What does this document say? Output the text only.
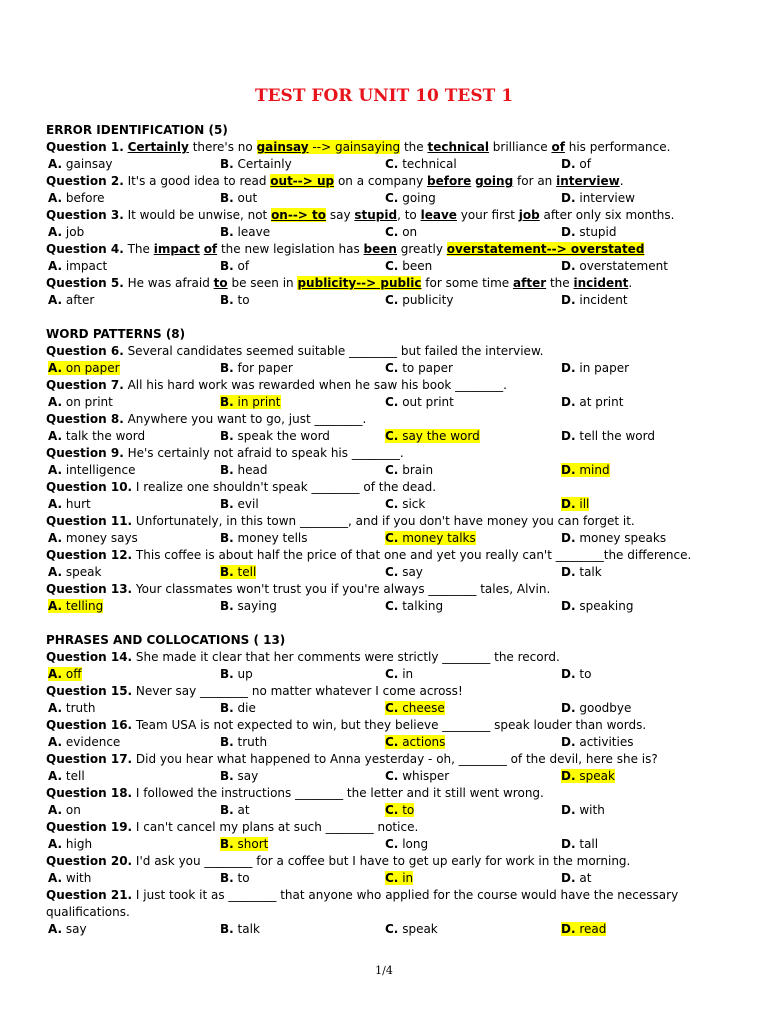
TEST FOR UNIT 10 TEST 1
ERROR IDENTIFICATION (5)
Question 1. Certainly there's no gainsay --> gainsaying the technical brilliance of his performance.
A. gainsay	B. Certainly	C. technical	D. of
Question 2. It's a good idea to read out--> up on a company before going for an interview.
A. before	B. out	C. going	D. interview
Question 3. It would be unwise, not on--> to say stupid, to leave your first job after only six months.
A. job	B. leave	C. on	D. stupid
Question 4. The impact of the new legislation has been greatly overstatement--> overstated
A. impact	B. of	C. been	D. overstatement
Question 5. He was afraid to be seen in publicity--> public for some time after the incident.
A. after	B. to	C. publicity	D. incident
WORD PATTERNS (8)
Question 6. Several candidates seemed suitable ________ but failed the interview.
A. on paper	B. for paper	C. to paper	D. in paper
Question 7. All his hard work was rewarded when he saw his book ________.
A. on print	B. in print	C. out print	D. at print
Question 8. Anywhere you want to go, just ________.
A. talk the word	B. speak the word	C. say the word	D. tell the word
Question 9. He's certainly not afraid to speak his ________.
A. intelligence	B. head	C. brain	D. mind
Question 10. I realize one shouldn't speak ________ of the dead.
A. hurt	B. evil	C. sick	D. ill
Question 11. Unfortunately, in this town ________, and if you don't have money you can forget it.
A. money says	B. money tells	C. money talks	D. money speaks
Question 12. This coffee is about half the price of that one and yet you really can't ________the difference.
A. speak	B. tell	C. say	D. talk
Question 13. Your classmates won't trust you if you're always ________ tales, Alvin.
A. telling	B. saying	C. talking	D. speaking
PHRASES AND COLLOCATIONS ( 13)
Question 14. She made it clear that her comments were strictly ________ the record.
A. off	B. up	C. in	D. to
Question 15. Never say ________ no matter whatever I come across!
A. truth	B. die	C. cheese	D. goodbye
Question 16. Team USA is not expected to win, but they believe ________ speak louder than words.
A. evidence	B. truth	C. actions	D. activities
Question 17. Did you hear what happened to Anna yesterday - oh, ________ of the devil, here she is?
A. tell	B. say	C. whisper	D. speak
Question 18. I followed the instructions ________ the letter and it still went wrong.
A. on	B. at	C. to	D. with
Question 19. I can't cancel my plans at such ________ notice.
A. high	B. short	C. long	D. tall
Question 20. I'd ask you ________ for a coffee but I have to get up early for work in the morning.
A. with	B. to	C. in	D. at
Question 21. I just took it as ________ that anyone who applied for the course would have the necessary qualifications.
A. say	B. talk	C. speak	D. read
1/4
